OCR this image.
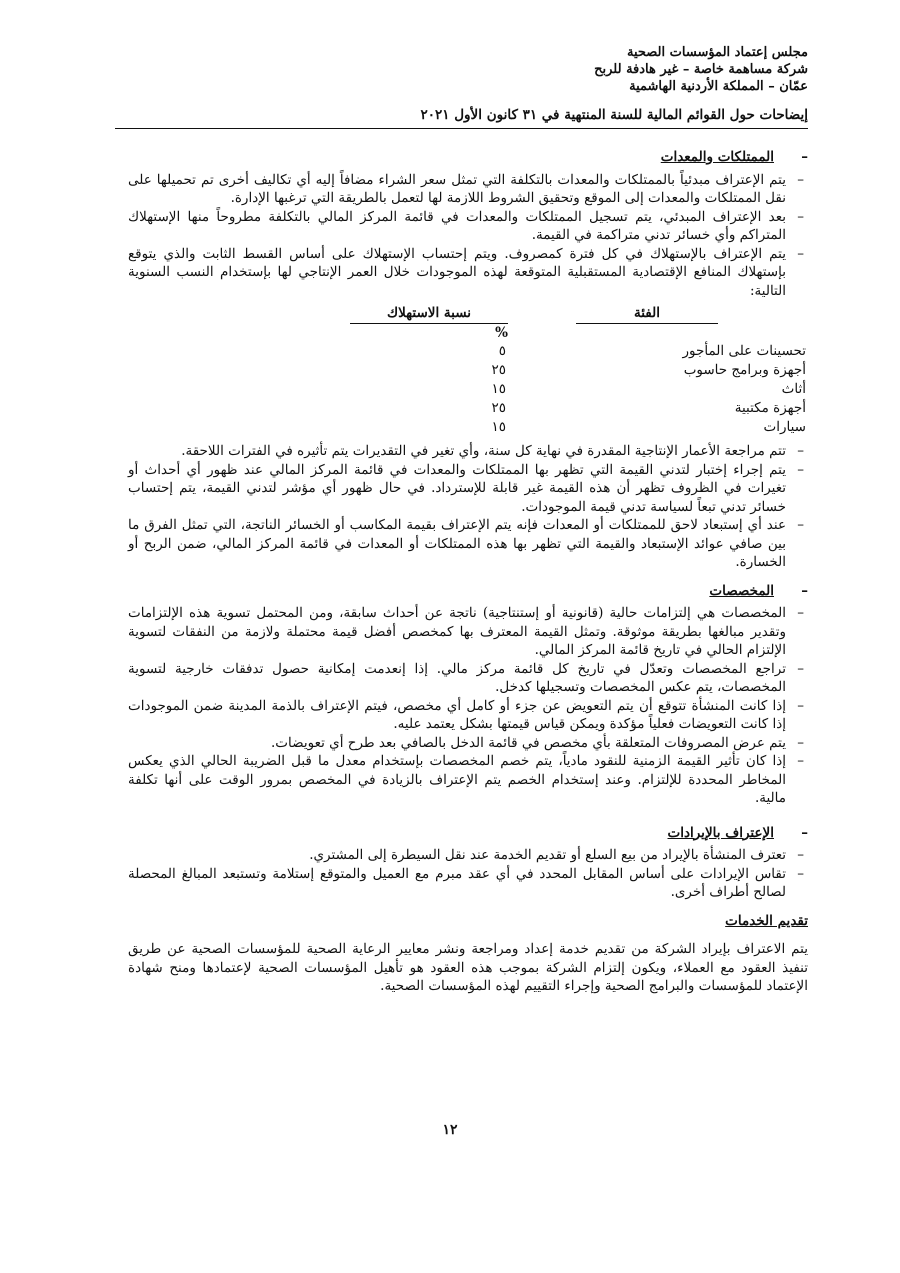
مجلس إعتماد المؤسسات الصحية
شركة مساهمة خاصة – غير هادفة للربح
عمّان – المملكة الأردنية الهاشمية
إيضاحات حول القوائم المالية للسنة المنتهية في ٣١ كانون الأول ٢٠٢١

–الممتلكات والمعدات

–
يتم الإعتراف مبدئياً بالممتلكات والمعدات بالتكلفة التي تمثل سعر الشراء مضافاً إليه أي تكاليف أخرى تم تحميلها على نقل الممتلكات والمعدات إلى الموقع وتحقيق الشروط اللازمة لها لتعمل بالطريقة التي ترغبها الإدارة.

–
بعد الإعتراف المبدئي، يتم تسجيل الممتلكات والمعدات في قائمة المركز المالي بالتكلفة مطروحاً منها الإستهلاك المتراكم وأي خسائر تدني متراكمة في القيمة.

–
يتم الإعتراف بالإستهلاك في كل فترة كمصروف. ويتم إحتساب الإستهلاك على أساس القسط الثابت والذي يتوقع بإستهلاك المنافع الإقتصادية المستقبلية المتوقعة لهذه الموجودات خلال العمر الإنتاجي لها بإستخدام النسب السنوية التالية:

الفئة
نسبة الاستهلاك
%
تحسينات على المأجور
٥
أجهزة وبرامج حاسوب
٢٥
أثاث
١٥
أجهزة مكتبية
٢٥
سيارات
١٥

–
تتم مراجعة الأعمار الإنتاجية المقدرة في نهاية كل سنة، وأي تغير في التقديرات يتم تأثيره في الفترات اللاحقة.

–
يتم إجراء إختبار لتدني القيمة التي تظهر بها الممتلكات والمعدات في قائمة المركز المالي عند ظهور أي أحداث أو تغيرات في الظروف تظهر أن هذه القيمة غير قابلة للإسترداد. في حال ظهور أي مؤشر لتدني القيمة، يتم إحتساب خسائر تدني تبعاً لسياسة تدني قيمة الموجودات.

–
عند أي إستبعاد لاحق للممتلكات أو المعدات فإنه يتم الإعتراف بقيمة المكاسب أو الخسائر الناتجة، التي تمثل الفرق ما بين صافي عوائد الإستبعاد والقيمة التي تظهر بها هذه الممتلكات أو المعدات في قائمة المركز المالي، ضمن الربح أو الخسارة.

–المخصصات

–
المخصصات هي إلتزامات حالية (قانونية أو إستنتاجية) ناتجة عن أحداث سابقة، ومن المحتمل تسوية هذه الإلتزامات وتقدير مبالغها بطريقة موثوقة. وتمثل القيمة المعترف بها كمخصص أفضل قيمة محتملة ولازمة من النفقات لتسوية الإلتزام الحالي في تاريخ قائمة المركز المالي.

–
تراجع المخصصات وتعدّل في تاريخ كل قائمة مركز مالي. إذا إنعدمت إمكانية حصول تدفقات خارجية لتسوية المخصصات، يتم عكس المخصصات وتسجيلها كدخل.

–
إذا كانت المنشأة تتوقع أن يتم التعويض عن جزء أو كامل أي مخصص، فيتم الإعتراف بالذمة المدينة ضمن الموجودات إذا كانت التعويضات فعلياً مؤكدة ويمكن قياس قيمتها بشكل يعتمد عليه.

–
يتم عرض المصروفات المتعلقة بأي مخصص في قائمة الدخل بالصافي بعد طرح أي تعويضات.

–
إذا كان تأثير القيمة الزمنية للنقود مادياً، يتم خصم المخصصات بإستخدام معدل ما قبل الضريبة الحالي الذي يعكس المخاطر المحددة للإلتزام. وعند إستخدام الخصم يتم الإعتراف بالزيادة في المخصص بمرور الوقت على أنها تكلفة مالية.

–الإعتراف بالإيرادات

–
تعترف المنشأة بالإيراد من بيع السلع أو تقديم الخدمة عند نقل السيطرة إلى المشتري.

–
تقاس الإيرادات على أساس المقابل المحدد في أي عقد مبرم مع العميل والمتوقع إستلامة وتستبعد المبالغ المحصلة لصالح أطراف أخرى.

تقديم الخدمات

يتم الاعتراف بإيراد الشركة من تقديم خدمة إعداد ومراجعة ونشر معايير الرعاية الصحية للمؤسسات الصحية عن طريق تنفيذ العقود مع العملاء، ويكون إلتزام الشركة بموجب هذه العقود هو تأهيل المؤسسات الصحية لإعتمادها ومنح شهادة الإعتماد للمؤسسات والبرامج الصحية وإجراء التقييم لهذه المؤسسات الصحية.

١٢
